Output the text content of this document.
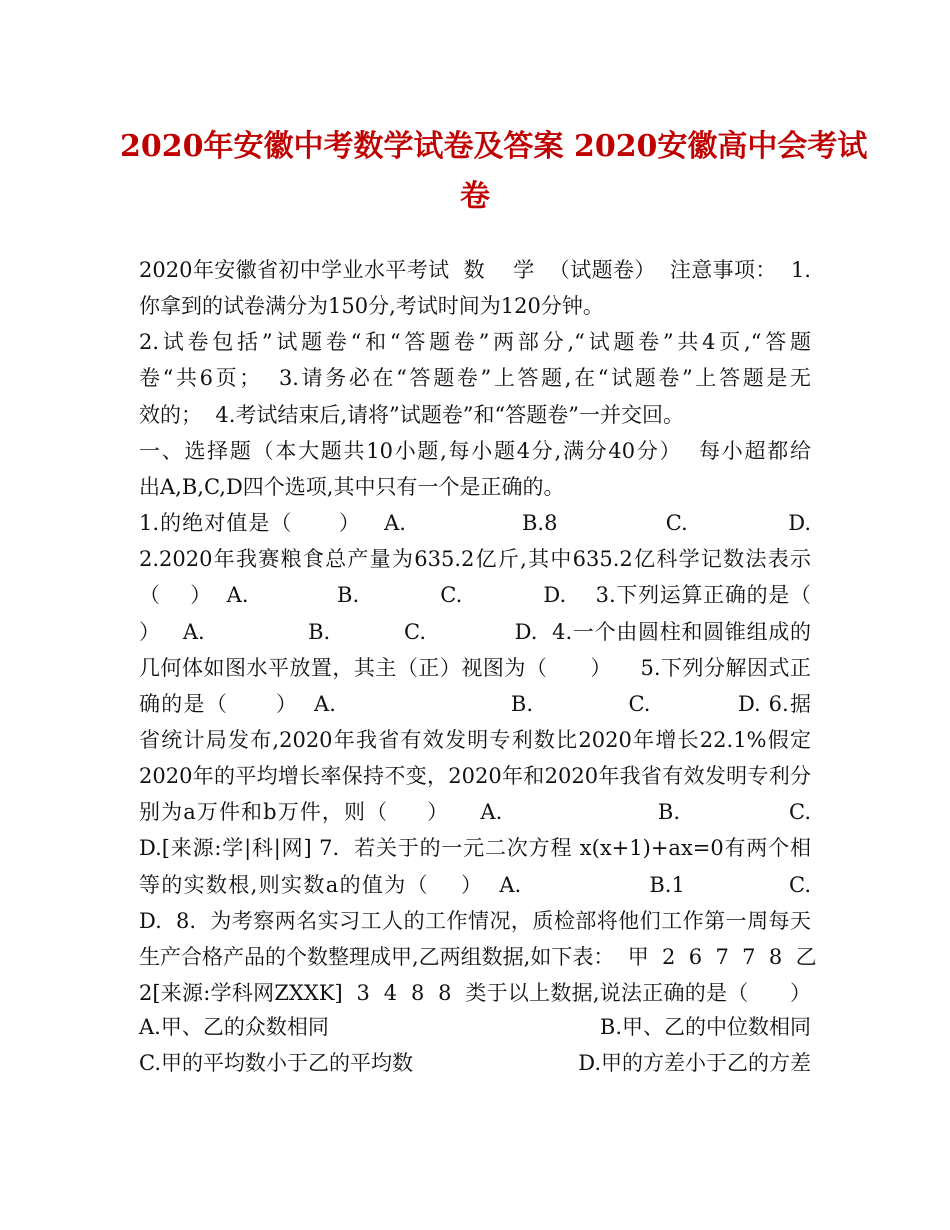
2020年安徽中考数学试卷及答案 2020安徽高中会考试
卷
2020年安徽省初中学业水平考试  数    学  （试题卷）  注意事项：  1.
你拿到的试卷满分为150分,考试时间为120分钟。
2.试卷包括”试题卷“和“答题卷”两部分,“试题卷”共4页,“答题
卷“共6页；  3.请务必在“答题卷”上答题,在“试题卷”上答题是无
效的；  4.考试结束后,请将”试题卷”和“答题卷”一并交回。
一、选择题（本大题共10小题,每小题4分,满分40分）  每小超都给
出A,B,C,D四个选项,其中只有一个是正确的。
1.的绝对值是（      ）   A.               B.8              C.             D.
2.2020年我赛粮食总产量为635.2亿斤,其中635.2亿科学记数法表示
（    ）  A.            B.           C.           D.    3.下列运算正确的是（
）   A.              B.          C.            D.  4.一个由圆柱和圆锥组成的
几何体如图水平放置，其主（正）视图为（      ）    5.下列分解因式正
确的是（      ）  A.                      B.            C.           D. 6.据
省统计局发布,2020年我省有效发明专利数比2020年增长22.1%假定
2020年的平均增长率保持不变，2020年和2020年我省有效发明专利分
别为a万件和b万件，则（     ）    A.                    B.              C.
D.[来源:学|科|网] 7.  若关于的一元二次方程 x(x+1)+ax=0有两个相
等的实数根,则实数a的值为（    ）  A.                B.1             C.
D.  8.  为考察两名实习工人的工作情况，质检部将他们工作第一周每天
生产合格产品的个数整理成甲,乙两组数据,如下表：  甲  2  6  7  7  8  乙
2[来源:学科网ZXXK]  3  4  8  8  类于以上数据,说法正确的是（      ）
A.甲、乙的众数相同	B.甲、乙的中位数相同
C.甲的平均数小于乙的平均数	D.甲的方差小于乙的方差
